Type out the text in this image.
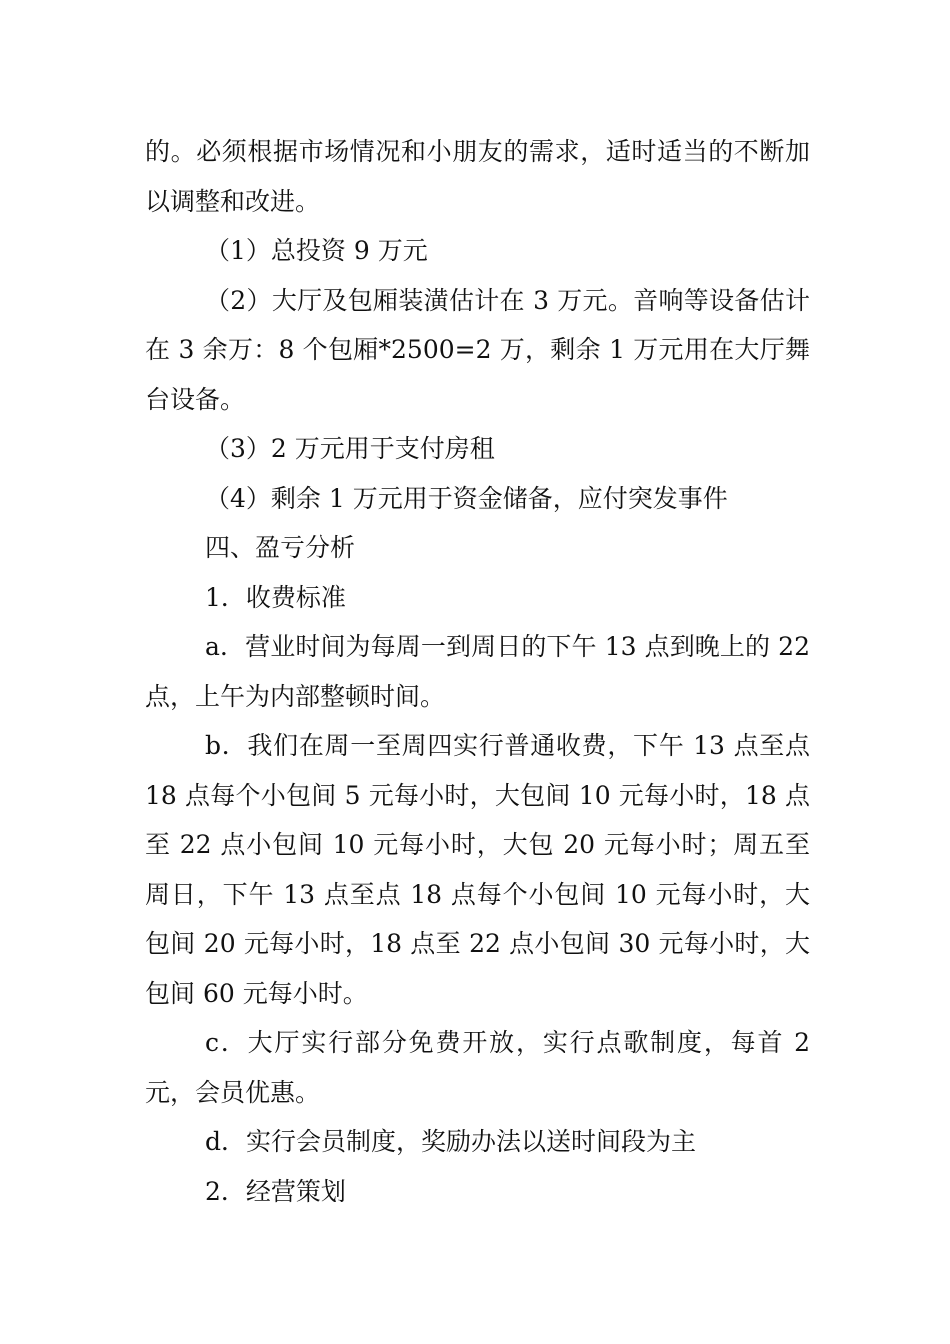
的。必须根据市场情况和小朋友的需求，适时适当的不断加以调整和改进。

（1）总投资 9 万元

（2）大厅及包厢装潢估计在 3 万元。音响等设备估计在 3 余万：8 个包厢*2500=2 万，剩余 1 万元用在大厅舞台设备。

（3）2 万元用于支付房租

（4）剩余 1 万元用于资金储备，应付突发事件

四、盈亏分析

1．收费标准

a．营业时间为每周一到周日的下午 13 点到晚上的 22 点，上午为内部整顿时间。

b．我们在周一至周四实行普通收费，下午 13 点至点 18 点每个小包间 5 元每小时，大包间 10 元每小时，18 点至 22 点小包间 10 元每小时，大包 20 元每小时；周五至周日，下午 13 点至点 18 点每个小包间 10 元每小时，大包间 20 元每小时，18 点至 22 点小包间 30 元每小时，大包间 60 元每小时。

c．大厅实行部分免费开放，实行点歌制度，每首 2 元，会员优惠。

d．实行会员制度，奖励办法以送时间段为主

2．经营策划
